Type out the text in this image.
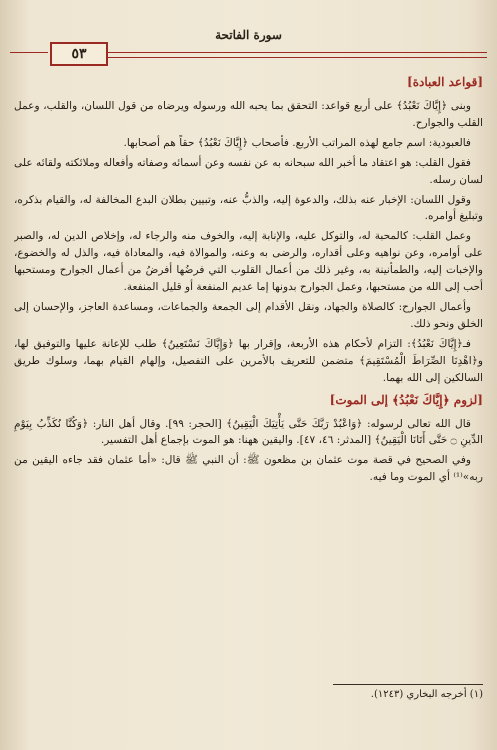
سورة الفاتحة
٥٣
[قواعد العبادة]

وبنى ﴿إِيَّاكَ نَعْبُدُ﴾ على أربع قواعد: التحقق بما يحبه الله ورسوله ويرضاه من قول اللسان، والقلب، وعمل القلب والجوارح.

فالعبودية: اسم جامع لهذه المراتب الأربع. فأصحاب ﴿إِيَّاكَ نَعْبُدُ﴾ حقاً هم أصحابها.

فقول القلب: هو اعتقاد ما أخبر الله سبحانه به عن نفسه وعن أسمائه وصفاته وأفعاله وملائكته ولقائه على لسان رسله.

وقول اللسان: الإخبار عنه بذلك، والدعوة إليه، والذبُّ عنه، وتبيين بطلان البدع المخالفة له، والقيام بذكره، وتبليغ أوامره.

وعمل القلب: كالمحبة له، والتوكل عليه، والإنابة إليه، والخوف منه والرجاء له، وإخلاص الدين له، والصبر على أوامره، وعن نواهيه وعلى أقداره، والرضى به وعنه، والموالاة فيه، والمعاداة فيه، والذل له والخضوع، والإخبات إليه، والطمأنينة به، وغير ذلك من أعمال القلوب التي فرضُها أفرضُ من أعمال الجوارح ومستحبها أحب إلى الله من مستحبها، وعمل الجوارح بدونها إما عديم المنفعة أو قليل المنفعة.

وأعمال الجوارح: كالصلاة والجهاد، ونقل الأقدام إلى الجمعة والجماعات، ومساعدة العاجز، والإحسان إلى الخلق ونحو ذلك.

فـ﴿إِيَّاكَ نَعْبُدُ﴾: التزام لأحكام هذه الأربعة، وإقرار بها ﴿وَإِيَّاكَ نَسْتَعِينُ﴾ طلب للإعانة عليها والتوفيق لها، و﴿اهْدِنَا الصِّرَاطَ الْمُسْتَقِيمَ﴾ متضمن للتعريف بالأمرين على التفصيل، وإلهام القيام بهما، وسلوك طريق السالكين إلى الله بهما.

[لزوم ﴿إِيَّاكَ نَعْبُدُ﴾ إلى الموت]

قال الله تعالى لرسوله: ﴿وَاعْبُدْ رَبَّكَ حَتَّى يَأْتِيَكَ الْيَقِينُ﴾ [الحجر: ٩٩]. وقال أهل النار: ﴿وَكُنَّا نُكَذِّبُ بِيَوْمِ الدِّينِ ۝ حَتَّى أَتَانَا الْيَقِينُ﴾ [المدثر: ٤٦، ٤٧]. واليقين ههنا: هو الموت بإجماع أهل التفسير.

وفي الصحيح في قصة موت عثمان بن مظعون ﷺ: أن النبي ﷺ قال: «أما عثمان فقد جاءه اليقين من ربه»⁽¹⁾ أي الموت وما فيه.

(١) أخرجه البخاري (١٢٤٣).
